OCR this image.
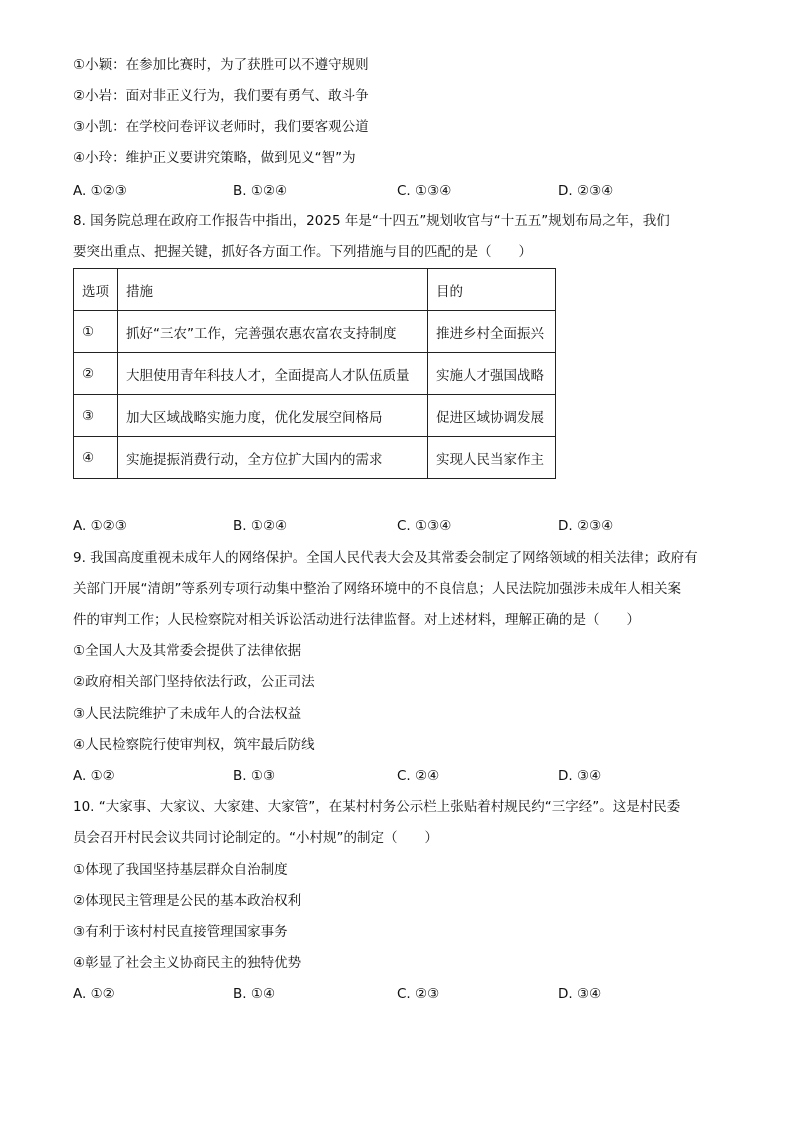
①小颖：在参加比赛时，为了获胜可以不遵守规则
②小岩：面对非正义行为，我们要有勇气、敢斗争
③小凯：在学校问卷评议老师时，我们要客观公道
④小玲：维护正义要讲究策略，做到见义“智”为
A. ①②③	B. ①②④	C. ①③④	D. ②③④
8. 国务院总理在政府工作报告中指出，2025 年是“十四五”规划收官与“十五五”规划布局之年，我们
要突出重点、把握关键，抓好各方面工作。下列措施与目的匹配的是（　　）
选项	措施	目的
①	抓好“三农”工作，完善强农惠农富农支持制度	推进乡村全面振兴
②	大胆使用青年科技人才，全面提高人才队伍质量	实施人才强国战略
③	加大区域战略实施力度，优化发展空间格局	促进区域协调发展
④	实施提振消费行动，全方位扩大国内的需求	实现人民当家作主
A. ①②③	B. ①②④	C. ①③④	D. ②③④
9. 我国高度重视未成年人的网络保护。全国人民代表大会及其常委会制定了网络领域的相关法律；政府有
关部门开展“清朗”等系列专项行动集中整治了网络环境中的不良信息；人民法院加强涉未成年人相关案
件的审判工作；人民检察院对相关诉讼活动进行法律监督。对上述材料，理解正确的是（　　）
①全国人大及其常委会提供了法律依据
②政府相关部门坚持依法行政，公正司法
③人民法院维护了未成年人的合法权益
④人民检察院行使审判权，筑牢最后防线
A. ①②	B. ①③	C. ②④	D. ③④
10. “大家事、大家议、大家建、大家管”，在某村村务公示栏上张贴着村规民约“三字经”。这是村民委
员会召开村民会议共同讨论制定的。“小村规”的制定（　　）
①体现了我国坚持基层群众自治制度
②体现民主管理是公民的基本政治权利
③有利于该村村民直接管理国家事务
④彰显了社会主义协商民主的独特优势
A. ①②	B. ①④	C. ②③	D. ③④
